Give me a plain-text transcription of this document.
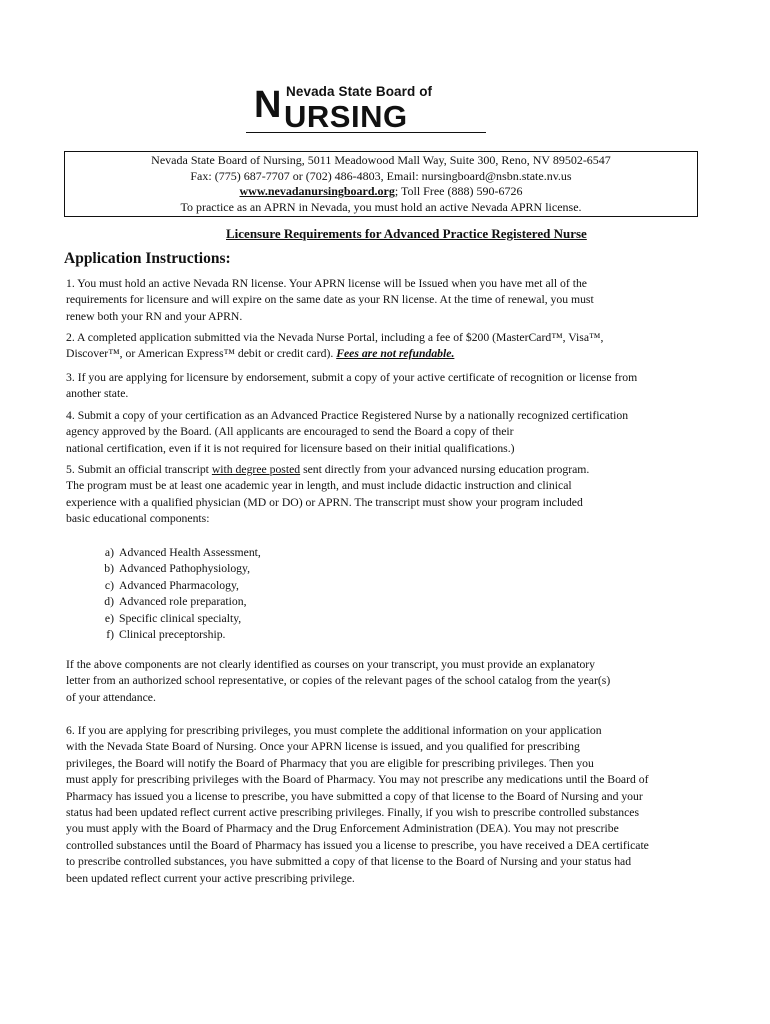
N Nevada State Board of
URSING
Nevada State Board of Nursing, 5011 Meadowood Mall Way, Suite 300, Reno, NV 89502-6547
Fax: (775) 687-7707 or (702) 486-4803, Email: nursingboard@nsbn.state.nv.us
www.nevadanursingboard.org; Toll Free (888) 590-6726
To practice as an APRN in Nevada, you must hold an active Nevada APRN license.
Licensure Requirements for Advanced Practice Registered Nurse
Application Instructions:
1. You must hold an active Nevada RN license. Your APRN license will be Issued when you have met all of the
requirements for licensure and will expire on the same date as your RN license. At the time of renewal, you must
renew both your RN and your APRN.
2. A completed application submitted via the Nevada Nurse Portal, including a fee of $200 (MasterCard™, Visa™,
Discover™, or American Express™ debit or credit card). Fees are not refundable.
3. If you are applying for licensure by endorsement, submit a copy of your active certificate of recognition or license from
another state.
4. Submit a copy of your certification as an Advanced Practice Registered Nurse by a nationally recognized certification
agency approved by the Board. (All applicants are encouraged to send the Board a copy of their
national certification, even if it is not required for licensure based on their initial qualifications.)
5. Submit an official transcript with degree posted sent directly from your advanced nursing education program.
The program must be at least one academic year in length, and must include didactic instruction and clinical
experience with a qualified physician (MD or DO) or APRN. The transcript must show your program included
basic educational components:
a) Advanced Health Assessment,
b) Advanced Pathophysiology,
c) Advanced Pharmacology,
d) Advanced role preparation,
e) Specific clinical specialty,
f) Clinical preceptorship.
If the above components are not clearly identified as courses on your transcript, you must provide an explanatory
letter from an authorized school representative, or copies of the relevant pages of the school catalog from the year(s)
of your attendance.
6. If you are applying for prescribing privileges, you must complete the additional information on your application
with the Nevada State Board of Nursing. Once your APRN license is issued, and you qualified for prescribing
privileges, the Board will notify the Board of Pharmacy that you are eligible for prescribing privileges. Then you
must apply for prescribing privileges with the Board of Pharmacy. You may not prescribe any medications until the Board of
Pharmacy has issued you a license to prescribe, you have submitted a copy of that license to the Board of Nursing and your
status had been updated reflect current active prescribing privileges. Finally, if you wish to prescribe controlled substances
you must apply with the Board of Pharmacy and the Drug Enforcement Administration (DEA). You may not prescribe
controlled substances until the Board of Pharmacy has issued you a license to prescribe, you have received a DEA certificate
to prescribe controlled substances, you have submitted a copy of that license to the Board of Nursing and your status had
been updated reflect current your active prescribing privilege.
